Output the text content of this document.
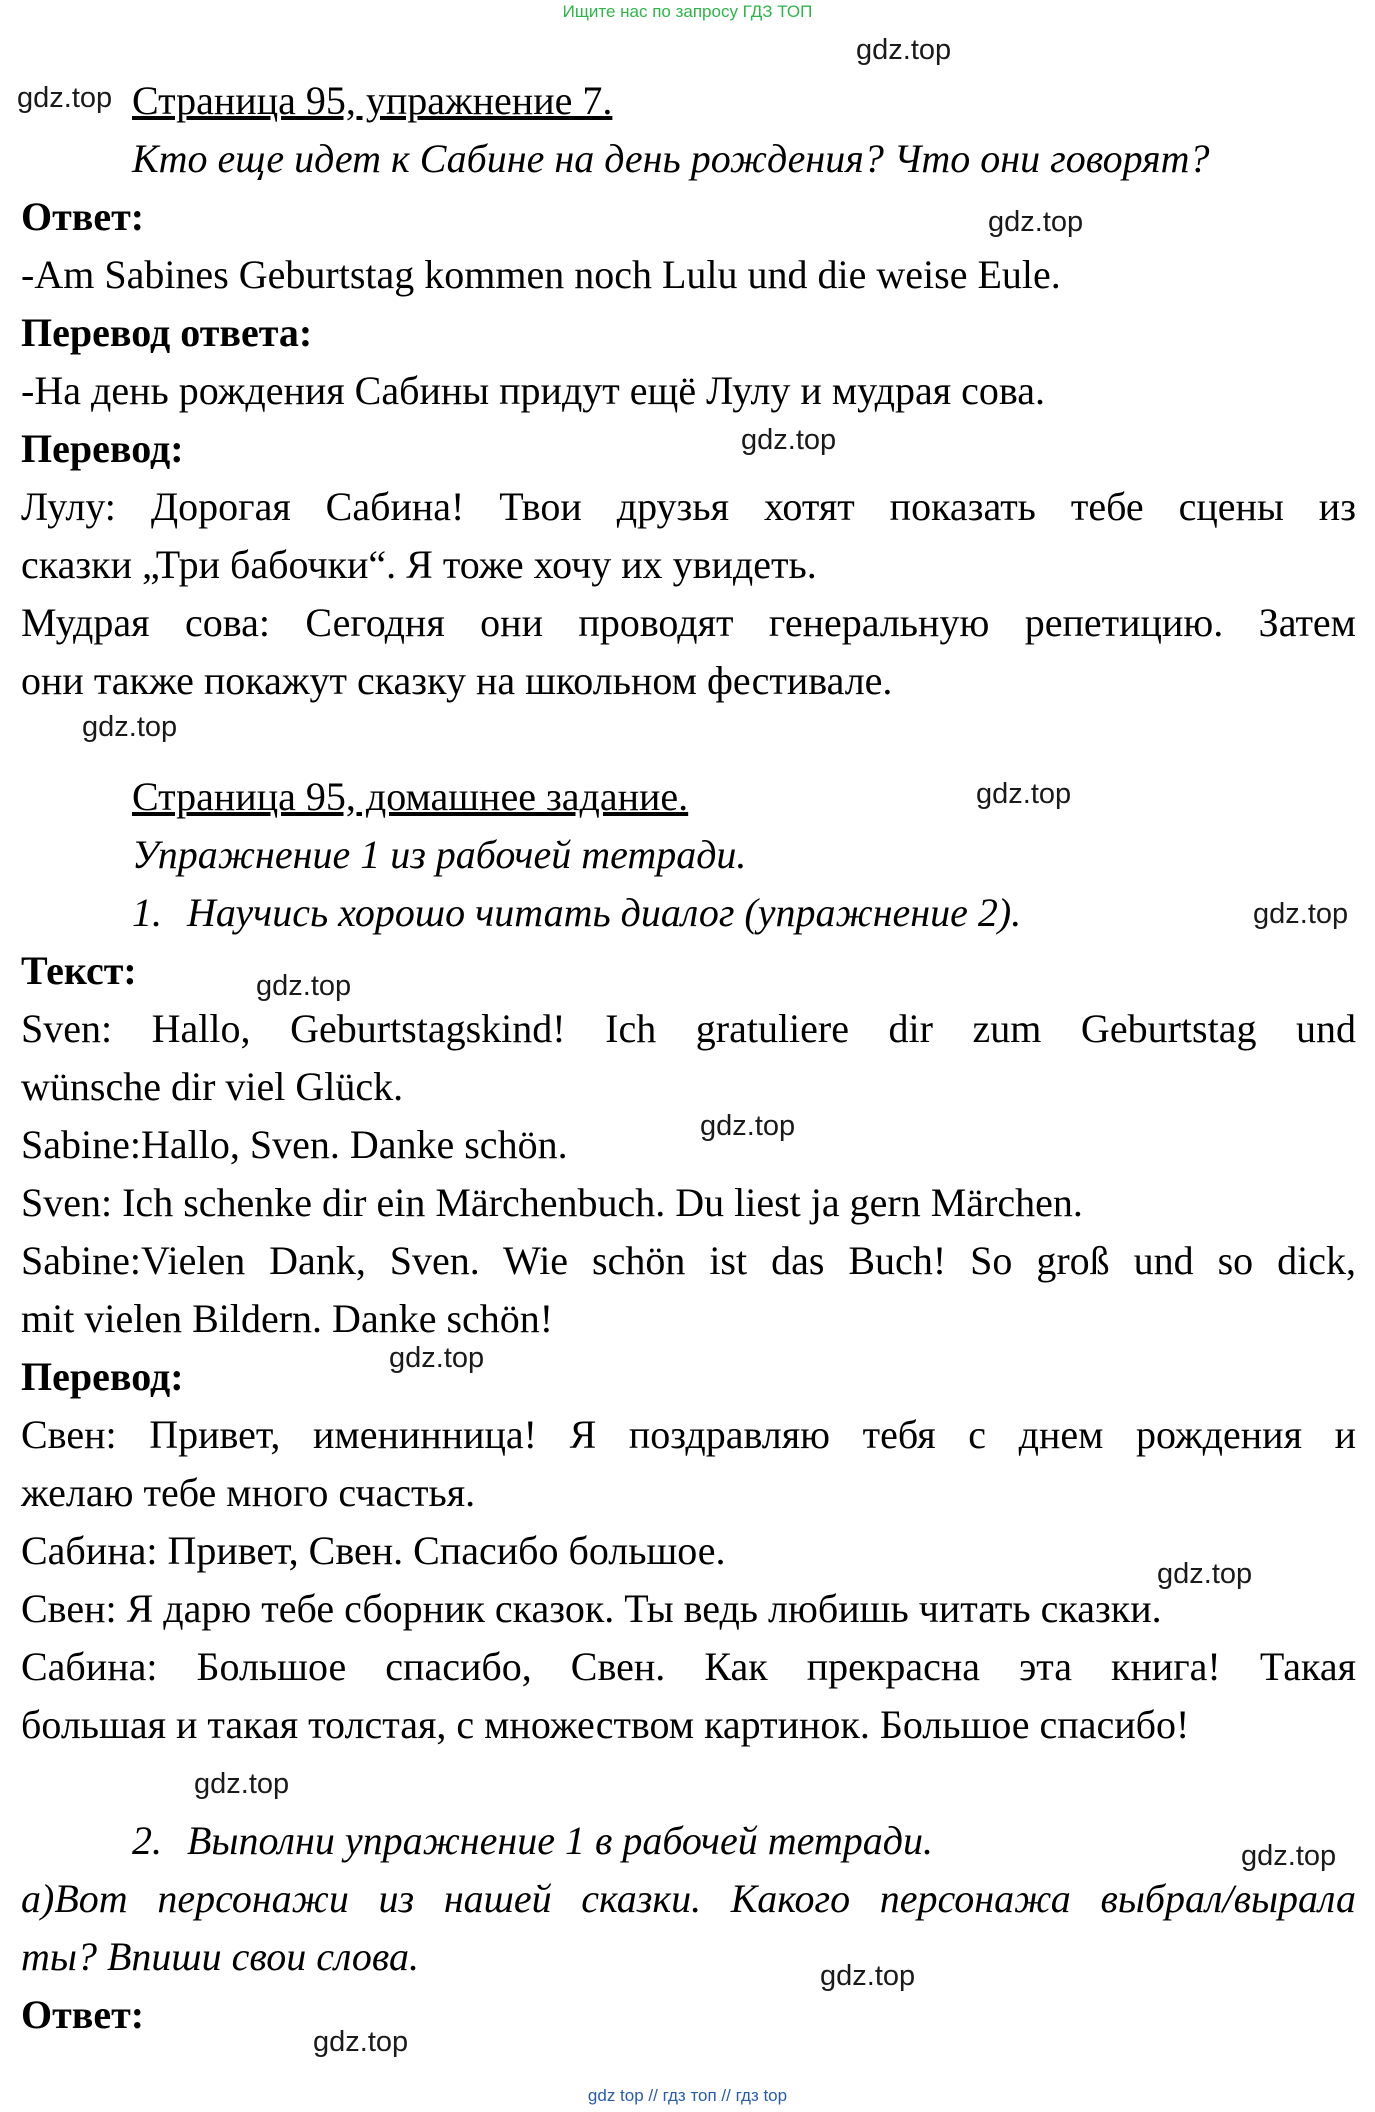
Ищите нас по запросу ГДЗ ТОП
gdz.top
gdz.top
gdz.top
gdz.top
gdz.top
gdz.top
gdz.top
gdz.top
gdz.top
gdz.top
gdz.top
gdz.top
gdz.top
gdz.top
gdz.top
Страница 95, упражнение 7.
Кто еще идет к Сабине на день рождения? Что они говорят?
Ответ:
-Am Sabines Geburtstag kommen noch Lulu und die weise Eule.
Перевод ответа:
-На день рождения Сабины придут ещё Лулу и мудрая сова.
Перевод:
Лулу: Дорогая Сабина! Твои друзья хотят показать тебе сцены из
сказки „Три бабочки“. Я тоже хочу их увидеть.
Мудрая сова: Сегодня они проводят генеральную репетицию. Затем
они также покажут сказку на школьном фестивале.
Страница 95, домашнее задание.
Упражнение 1 из рабочей тетради.
1. Научись хорошо читать диалог (упражнение 2).
Текст:
Sven: Hallo, Geburtstagskind! Ich gratuliere dir zum Geburtstag und
wünsche dir viel Glück.
Sabine:Hallo, Sven. Danke schön.
Sven: Ich schenke dir ein Märchenbuch. Du liest ja gern Märchen.
Sabine:Vielen Dank, Sven. Wie schön ist das Buch! So groß und so dick,
mit vielen Bildern. Danke schön!
Перевод:
Свен: Привет, именинница! Я поздравляю тебя с днем рождения и
желаю тебе много счастья.
Сабина: Привет, Свен. Спасибо большое.
Свен: Я дарю тебе сборник сказок. Ты ведь любишь читать сказки.
Сабина: Большое спасибо, Свен. Как прекрасна эта книга! Такая
большая и такая толстая, с множеством картинок. Большое спасибо!
2. Выполни упражнение 1 в рабочей тетради.
а)Вот персонажи из нашей сказки. Какого персонажа выбрал/вырала
ты? Впиши свои слова.
Ответ:
gdz top // гдз топ // гдз top
